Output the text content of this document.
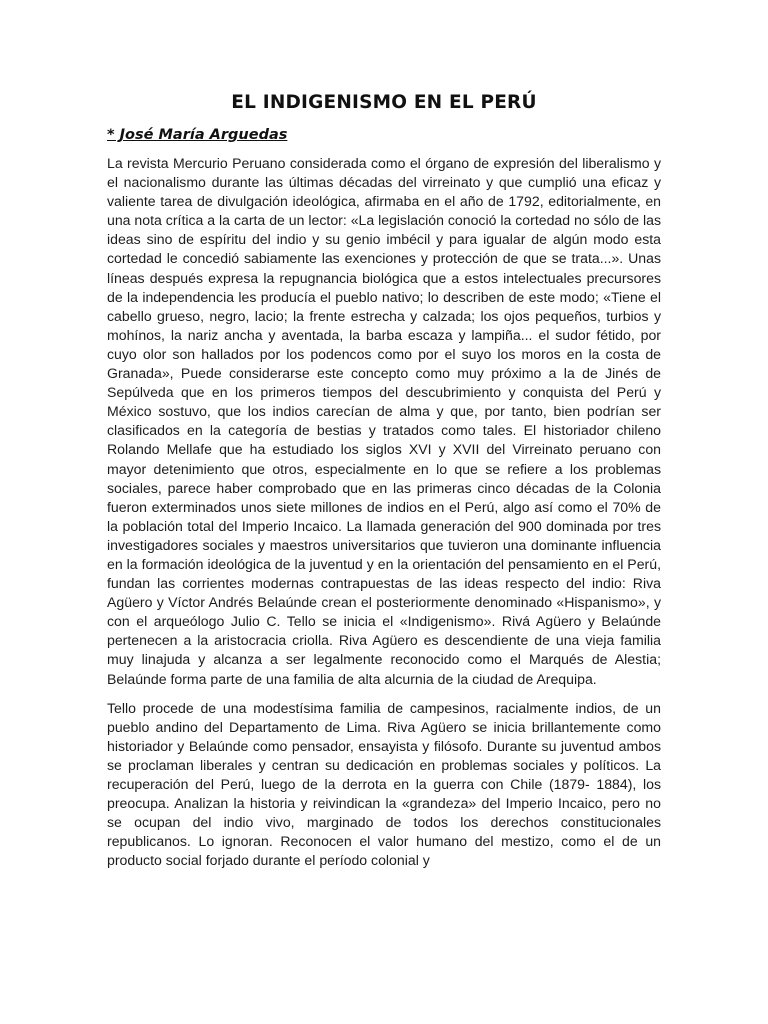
EL INDIGENISMO EN EL PERÚ
* José María Arguedas

La revista Mercurio Peruano considerada como el órgano de expresión del liberalismo y el nacionalismo durante las últimas décadas del virreinato y que cumplió una eficaz y valiente tarea de divulgación ideológica, afirmaba en el año de 1792, editorialmente, en una nota crítica a la carta de un lector: «La legislación conoció la cortedad no sólo de las ideas sino de espíritu del indio y su genio imbécil y para igualar de algún modo esta cortedad le concedió sabiamente las exenciones y protección de que se trata...». Unas líneas después expresa la repugnancia biológica que a estos intelectuales precursores de la independencia les producía el pueblo nativo; lo describen de este modo; «Tiene el cabello grueso, negro, lacio; la frente estrecha y calzada; los ojos pequeños, turbios y mohínos, la nariz ancha y aventada, la barba escaza y lampiña... el sudor fétido, por cuyo olor son hallados por los podencos como por el suyo los moros en la costa de Granada», Puede considerarse este concepto como muy próximo a la de Jinés de Sepúlveda que en los primeros tiempos del descubrimiento y conquista del Perú y México sostuvo, que los indios carecían de alma y que, por tanto, bien podrían ser clasificados en la categoría de bestias y tratados como tales. El historiador chileno Rolando Mellafe que ha estudiado los siglos XVI y XVII del Virreinato peruano con mayor detenimiento que otros, especialmente en lo que se refiere a los problemas sociales, parece haber comprobado que en las primeras cinco décadas de la Colonia fueron exterminados unos siete millones de indios en el Perú, algo así como el 70% de la población total del Imperio Incaico. La llamada generación del 900 dominada por tres investigadores sociales y maestros universitarios que tuvieron una dominante influencia en la formación ideológica de la juventud y en la orientación del pensamiento en el Perú, fundan las corrientes modernas contrapuestas de las ideas respecto del indio: Riva Agüero y Víctor Andrés Belaúnde crean el posteriormente denominado «Hispanismo», y con el arqueólogo Julio C. Tello se inicia el «Indigenismo». Rivá Agüero y Belaúnde pertenecen a la aristocracia criolla. Riva Agüero es descendiente de una vieja familia muy linajuda y alcanza a ser legalmente reconocido como el Marqués de Alestia; Belaúnde forma parte de una familia de alta alcurnia de la ciudad de Arequipa.

Tello procede de una modestísima familia de campesinos, racialmente indios, de un pueblo andino del Departamento de Lima. Riva Agüero se inicia brillantemente como historiador y Belaúnde como pensador, ensayista y filósofo. Durante su juventud ambos se proclaman liberales y centran su dedicación en problemas sociales y políticos. La recuperación del Perú, luego de la derrota en la guerra con Chile (1879- 1884), los preocupa. Analizan la historia y reivindican la «grandeza» del Imperio Incaico, pero no se ocupan del indio vivo, marginado de todos los derechos constitucionales republicanos. Lo ignoran. Reconocen el valor humano del mestizo, como el de un producto social forjado durante el período colonial y
